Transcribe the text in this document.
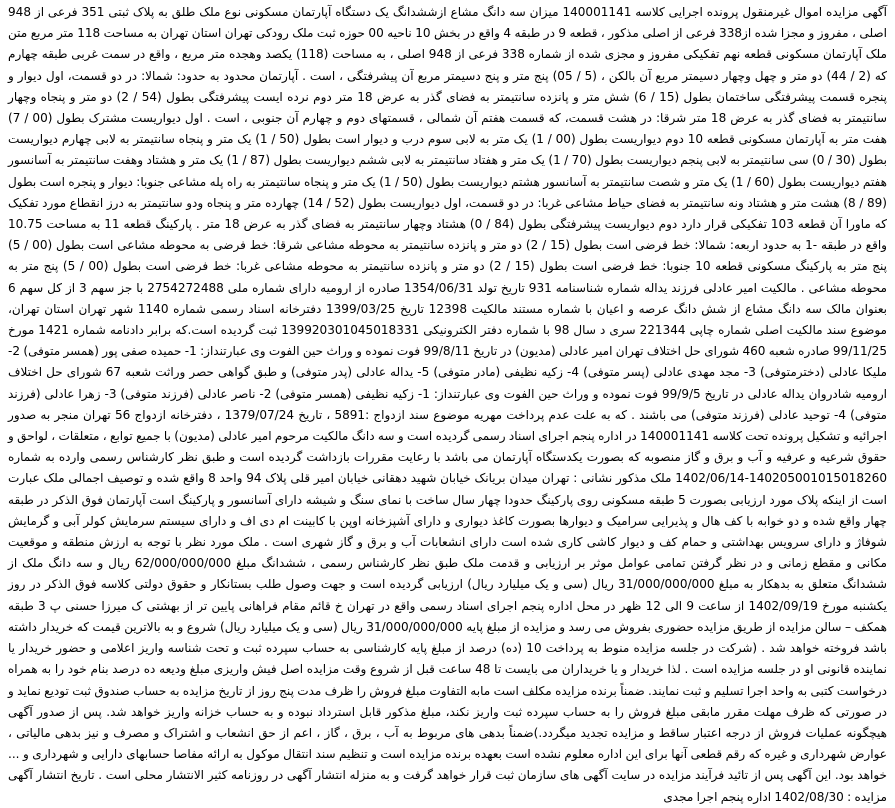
آگهی مزایده اموال غیرمنقول پرونده اجرایی کلاسه 140001141 میزان سه دانگ مشاع ازششدانگ یک دستگاه آپارتمان مسکونی نوع ملک طلق به پلاک ثبتی 351 فرعی از 948 اصلی ، مفروز و مجزا شده از338 فرعی از اصلی مذکور ، قطعه 9 در طبقه 4 واقع در بخش 10 ناحیه 00 حوزه ثبت ملک رودکی تهران استان تهران به مساحت 118 متر مربع متن ملک آپارتمان مسکونی قطعه نهم تفکیکی مفروز و مجزی شده از شماره 338 فرعی از 948 اصلی ، به مساحت (118) یکصد وهجده متر مربع ، واقع در سمت غربی طبقه چهارم که (2 / 44) دو متر و چهل وچهار دسیمتر مربع آن بالکن ، (5 / 05) پنج متر و پنج دسیمتر مربع آن پیشرفتگی ، است . آپارتمان محدود به حدود: شمالا: در دو قسمت، اول دیوار و پنجره قسمت پیشرفتگی ساختمان بطول (15 / 6) شش متر و پانزده سانتیمتر به فضای گذر به عرض 18 متر دوم نرده ایست پیشرفتگی بطول (54 / 2) دو متر و پنجاه وچهار سانتیمتر به فضای گذر به عرض 18 متر شرقا: در هشت قسمت، که قسمت هفتم آن شمالی ، قسمتهای دوم و چهارم آن جنوبی ، است . اول دیواریست مشترک بطول (00 / 7) هفت متر به آپارتمان مسکونی قطعه 10 دوم دیواریست بطول (00 / 1) یک متر به لابی سوم درب و دیوار است بطول (50 / 1) یک متر و پنجاه سانتیمتر به لابی چهارم دیواریست بطول (30 / 0) سی سانتیمتر به لابی پنجم دیواریست بطول (70 / 1) یک متر و هفتاد سانتیمتر به لابی ششم دیواریست بطول (87 / 1) یک متر و هشتاد وهفت سانتیمتر به آسانسور هفتم دیواریست بطول (60 / 1) یک متر و شصت سانتیمتر به آسانسور هشتم دیواریست بطول (50 / 1) یک متر و پنجاه سانتیمتر به راه پله مشاعی جنوبا: دیوار و پنجره است بطول (89 / 8) هشت متر و هشتاد ونه سانتیمتر به فضای حیاط مشاعی غربا: در دو قسمت، اول دیواریست بطول (52 / 14) چهارده متر و پنجاه ودو سانتیمتر به درز انقطاع مورد تفکیک که ماورا آن قطعه 103 تفکیکی قرار دارد دوم دیواریست پیشرفتگی بطول (84 / 0) هشتاد وچهار سانتیمتر به فضای گذر به عرض 18 متر . پارکینگ قطعه 11 به مساحت 10.75 واقع در طبقه -1 به حدود اربعه: شمالا: خط فرضی است بطول (15 / 2) دو متر و پانزده سانتیمتر به محوطه مشاعی شرقا: خط فرضی به محوطه مشاعی است بطول (00 / 5) پنج متر به پارکینگ مسکونی قطعه 10 جنوبا: خط فرضی است بطول (15 / 2) دو متر و پانزده سانتیمتر به محوطه مشاعی غربا: خط فرضی است بطول (00 / 5) پنج متر به محوطه مشاعی . مالکیت امیر عادلی فرزند یداله شماره شناسنامه 931 تاریخ تولد 1354/06/31 صادره از ارومیه دارای شماره ملی 2754272488 با جز سهم 3 از کل سهم 6 بعنوان مالک سه دانگ مشاع از شش دانگ عرصه و اعیان با شماره مستند مالکیت 12398 تاریخ 1399/03/25 دفترخانه اسناد رسمی شماره 1140 شهر تهران استان تهران، موضوع سند مالکیت اصلی شماره چاپی 221344 سری د سال 98 با شماره دفتر الکترونیکی 139920301045018331 ثبت گردیده است.که برابر دادنامه شماره 1421 مورخ 99/11/25 صادره شعبه 460 شورای حل اختلاف تهران امیر عادلی (مدیون) در تاریخ 99/8/11 فوت نموده و وراث حین الفوت وی عبارتنداز: 1- حمیده صفی پور (همسر متوفی) 2- ملیکا عادلی (دخترمتوفی) 3- مجد مهدی عادلی (پسر متوفی) 4- زکیه نظیفی (مادر متوفی) 5- یداله عادلی (پدر متوفی) و طبق گواهی حصر وراثت شعبه 67 شورای حل اختلاف ارومیه شادروان یداله عادلی در تاریخ 99/9/5 فوت نموده و وراث حین الفوت وی عبارتنداز: 1- زکیه نظیفی (همسر متوفی) 2- ناصر عادلی (فرزند متوفی) 3- زهرا عادلی (فرزند متوفی) 4- توحید عادلی (فرزند متوفی) می باشند . که به علت عدم پرداخت مهریه موضوع سند ازدواج :5891 ، تاریخ 1379/07/24 ، دفترخانه ازدواج 56 تهران منجر به صدور اجرائیه و تشکیل پرونده تحت کلاسه 140001141 در اداره پنجم اجرای اسناد رسمی گردیده است و سه دانگ مالکیت مرحوم امیر عادلی (مدیون) با جمیع توابع ، متعلقات ، لواحق و حقوق شرعیه و عرفیه و آب و برق و گاز منصوبه که بصورت یکدستگاه آپارتمان می باشد با رعایت مقررات بازداشت گردیده است و طبق نظر کارشناس رسمی وارده به شماره 140205001015018260-1402/06/14 ملک مذکور نشانی : تهران میدان بریانک خیابان شهید دهقانی خیابان امیر قلی پلاک 94 واحد 8 واقع شده و توصیف اجمالی ملک عبارت است از اینکه پلاک مورد ارزیابی بصورت 5 طبقه مسکونی روی پارکینگ حدودا چهار سال ساخت با نمای سنگ و شیشه دارای آسانسور و پارکینگ است آپارتمان فوق الذکر در طبقه چهار واقع شده و دو خوابه با کف هال و پذیرایی سرامیک و دیوارها بصورت کاغذ دیواری و دارای آشپزخانه اوپن با کابینت ام دی اف و دارای سیستم سرمایش کولر آبی و گرمایش شوفاژ و دارای سرویس بهداشتی و حمام کف و دیوار کاشی کاری شده است دارای انشعابات آب و برق و گاز شهری است . ملک مورد نظر با توجه به ارزش منطقه و موقعیت مکانی و مقطع زمانی و در نظر گرفتن تمامی عوامل موثر بر ارزیابی و قدمت ملک طبق نظر کارشناس رسمی ، ششدانگ مبلغ 62/000/000/000 ریال و سه دانگ ملک از ششدانگ متعلق به بدهکار به مبلغ 31/000/000/000 ریال (سی و یک میلیارد ریال) ارزیابی گردیده است و جهت وصول طلب بستانکار و حقوق دولتی کلاسه فوق الذکر در روز یکشنبه مورخ 1402/09/19 از ساعت 9 الی 12 ظهر در محل اداره پنجم اجرای اسناد رسمی واقع در تهران خ قائم مقام فراهانی پایین تر از بهشتی ک میرزا حسنی پ 3 طبقه همکف – سالن مزایده از طریق مزایده حضوری بفروش می رسد و مزایده از مبلغ پایه 31/000/000/000 ریال (سی و یک میلیارد ریال) شروع و به بالاترین قیمت که خریدار داشته باشد فروخته خواهد شد . (شرکت در جلسه مزایده منوط به پرداخت 10 (ده) درصد از مبلغ پایه کارشناسی به حساب سپرده ثبت و تحت شناسه واریز اعلامی و حضور خریدار یا نماینده قانونی او در جلسه مزایده است . لذا خریدار و یا خریداران می بایست تا 48 ساعت قبل از شروع وقت مزایده اصل فیش واریزی مبلغ ودیعه ده درصد بنام خود را به همراه درخواست کتبی به واحد اجرا تسلیم و ثبت نمایند. ضمناً برنده مزایده مکلف است مابه التفاوت مبلغ فروش را ظرف مدت پنج روز از تاریخ مزایده به حساب صندوق ثبت تودیع نماید و در صورتی که ظرف مهلت مقرر مابقی مبلغ فروش را به حساب سپرده ثبت واریز نکند، مبلغ مذکور قابل استرداد نبوده و به حساب خزانه واریز خواهد شد. پس از صدور آگهی هیچگونه عملیات فروش از درجه اعتبار ساقط و مزایده تجدید میگردد.)ضمناً بدهی های مربوط به آب ، برق ، گاز ، اعم از حق انشعاب و اشتراک و مصرف و نیز بدهی مالیاتی ، عوارض شهرداری و غیره که رقم قطعی آنها برای این اداره معلوم نشده است بعهده برنده مزایده است و تنظیم سند انتقال موکول به ارائه مفاصا حسابهای دارایی و شهرداری و ... خواهد بود. این آگهی پس از تائید فرآیند مزایده در سایت آگهی های سازمان ثبت قرار خواهد گرفت و به منزله انتشار آگهی در روزنامه کثیر الانتشار محلی است . تاریخ انتشار آگهی مزایده : 1402/08/30 اداره پنجم اجرا مجدی
